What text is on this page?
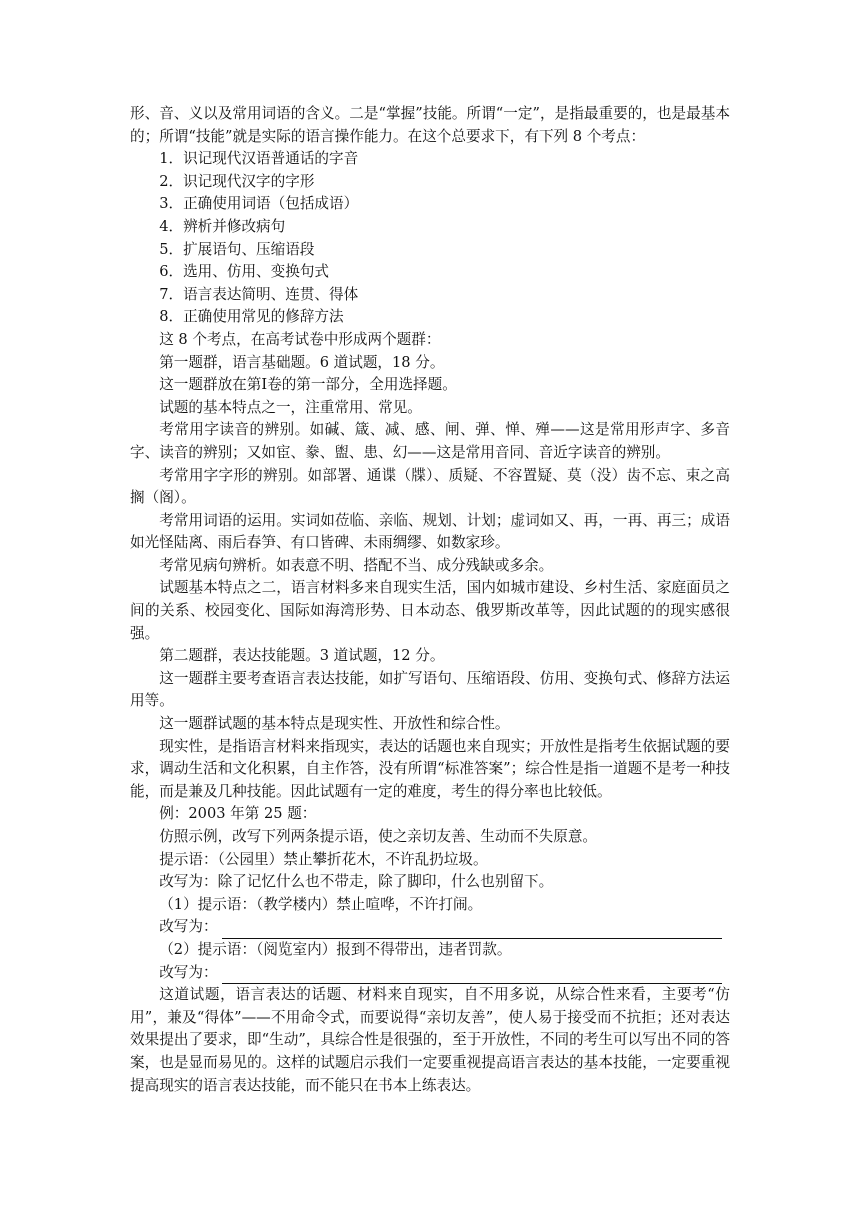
形、音、义以及常用词语的含义。二是“掌握”技能。所谓“一定”，是指最重要的，也是最基本的；所谓“技能”就是实际的语言操作能力。在这个总要求下，有下列 8 个考点：

1．识记现代汉语普通话的字音

2．识记现代汉字的字形

3．正确使用词语（包括成语）

4．辨析并修改病句

5．扩展语句、压缩语段

6．选用、仿用、变换句式

7．语言表达简明、连贯、得体

8．正确使用常见的修辞方法

这 8 个考点，在高考试卷中形成两个题群：

第一题群，语言基础题。6 道试题，18 分。

这一题群放在第Ⅰ卷的第一部分，全用选择题。

试题的基本特点之一，注重常用、常见。

考常用字读音的辨别。如碱、箴、减、感、闸、弹、惮、殚——这是常用形声字、多音字、读音的辨别；又如宦、豢、盥、患、幻——这是常用音同、音近字读音的辨别。

考常用字字形的辨别。如部署、通谍（牒）、质疑、不容置疑、莫（没）齿不忘、束之高搁（阁）。

考常用词语的运用。实词如莅临、亲临、规划、计划；虚词如又、再，一再、再三；成语如光怪陆离、雨后春笋、有口皆碑、未雨绸缪、如数家珍。

考常见病句辨析。如表意不明、搭配不当、成分残缺或多余。

试题基本特点之二，语言材料多来自现实生活，国内如城市建设、乡村生活、家庭面员之间的关系、校园变化、国际如海湾形势、日本动态、俄罗斯改革等，因此试题的的现实感很强。

第二题群，表达技能题。3 道试题，12 分。

这一题群主要考查语言表达技能，如扩写语句、压缩语段、仿用、变换句式、修辞方法运用等。

这一题群试题的基本特点是现实性、开放性和综合性。

现实性，是指语言材料来指现实，表达的话题也来自现实；开放性是指考生依据试题的要求，调动生活和文化积累，自主作答，没有所谓“标准答案”；综合性是指一道题不是考一种技能，而是兼及几种技能。因此试题有一定的难度，考生的得分率也比较低。

例：2003 年第 25 题：

仿照示例，改写下列两条提示语，使之亲切友善、生动而不失原意。

提示语：（公园里）禁止攀折花木，不许乱扔垃圾。

改写为：除了记忆什么也不带走，除了脚印，什么也别留下。

（1）提示语：（教学楼内）禁止喧哗，不许打闹。

改写为：

（2）提示语：（阅览室内）报到不得带出，违者罚款。

改写为：

这道试题，语言表达的话题、材料来自现实，自不用多说，从综合性来看，主要考“仿用”，兼及“得体”——不用命令式，而要说得“亲切友善”，使人易于接受而不抗拒；还对表达效果提出了要求，即“生动”，具综合性是很强的，至于开放性，不同的考生可以写出不同的答案，也是显而易见的。这样的试题启示我们一定要重视提高语言表达的基本技能，一定要重视提高现实的语言表达技能，而不能只在书本上练表达。
